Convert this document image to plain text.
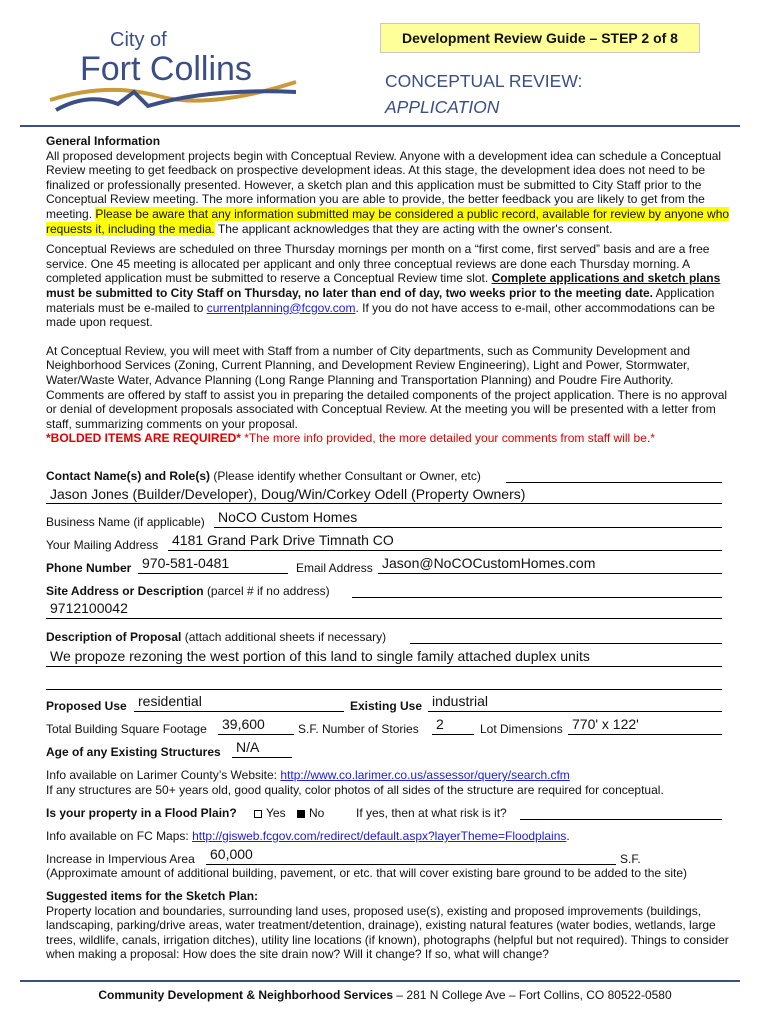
City of
Fort Collins
Development Review Guide – STEP 2 of 8
CONCEPTUAL REVIEW:
APPLICATION
General Information
All proposed development projects begin with Conceptual Review. Anyone with a development idea can schedule a Conceptual Review meeting to get feedback on prospective development ideas. At this stage, the development idea does not need to be finalized or professionally presented. However, a sketch plan and this application must be submitted to City Staff prior to the Conceptual Review meeting. The more information you are able to provide, the better feedback you are likely to get from the meeting. Please be aware that any information submitted may be considered a public record, available for review by anyone who requests it, including the media. The applicant acknowledges that they are acting with the owner's consent.
Conceptual Reviews are scheduled on three Thursday mornings per month on a “first come, first served” basis and are a free service. One 45 meeting is allocated per applicant and only three conceptual reviews are done each Thursday morning. A completed application must be submitted to reserve a Conceptual Review time slot. Complete applications and sketch plans must be submitted to City Staff on Thursday, no later than end of day, two weeks prior to the meeting date. Application materials must be e-mailed to currentplanning@fcgov.com. If you do not have access to e-mail, other accommodations can be made upon request.
At Conceptual Review, you will meet with Staff from a number of City departments, such as Community Development and Neighborhood Services (Zoning, Current Planning, and Development Review Engineering), Light and Power, Stormwater, Water/Waste Water, Advance Planning (Long Range Planning and Transportation Planning) and Poudre Fire Authority. Comments are offered by staff to assist you in preparing the detailed components of the project application. There is no approval or denial of development proposals associated with Conceptual Review. At the meeting you will be presented with a letter from staff, summarizing comments on your proposal.
*BOLDED ITEMS ARE REQUIRED* *The more info provided, the more detailed your comments from staff will be.*
Contact Name(s) and Role(s) (Please identify whether Consultant or Owner, etc)
Jason Jones (Builder/Developer), Doug/Win/Corkey Odell (Property Owners)
Business Name (if applicable) NoCO Custom Homes
Your Mailing Address 4181 Grand Park Drive Timnath CO
Phone Number 970-581-0481	Email Address Jason@NoCOCustomHomes.com
Site Address or Description (parcel # if no address)
9712100042
Description of Proposal (attach additional sheets if necessary)
We propoze rezoning the west portion of this land to single family attached duplex units
Proposed Use residential	Existing Use industrial
Total Building Square Footage 39,600	S.F. Number of Stories 2	Lot Dimensions 770' x 122'
Age of any Existing Structures N/A
Info available on Larimer County’s Website: http://www.co.larimer.co.us/assessor/query/search.cfm
If any structures are 50+ years old, good quality, color photos of all sides of the structure are required for conceptual.
Is your property in a Flood Plain? Yes No	If yes, then at what risk is it?
Info available on FC Maps: http://gisweb.fcgov.com/redirect/default.aspx?layerTheme=Floodplains.
Increase in Impervious Area 60,000	S.F.
(Approximate amount of additional building, pavement, or etc. that will cover existing bare ground to be added to the site)
Suggested items for the Sketch Plan:
Property location and boundaries, surrounding land uses, proposed use(s), existing and proposed improvements (buildings, landscaping, parking/drive areas, water treatment/detention, drainage), existing natural features (water bodies, wetlands, large trees, wildlife, canals, irrigation ditches), utility line locations (if known), photographs (helpful but not required). Things to consider when making a proposal: How does the site drain now? Will it change? If so, what will change?
Community Development & Neighborhood Services – 281 N College Ave – Fort Collins, CO 80522-0580
